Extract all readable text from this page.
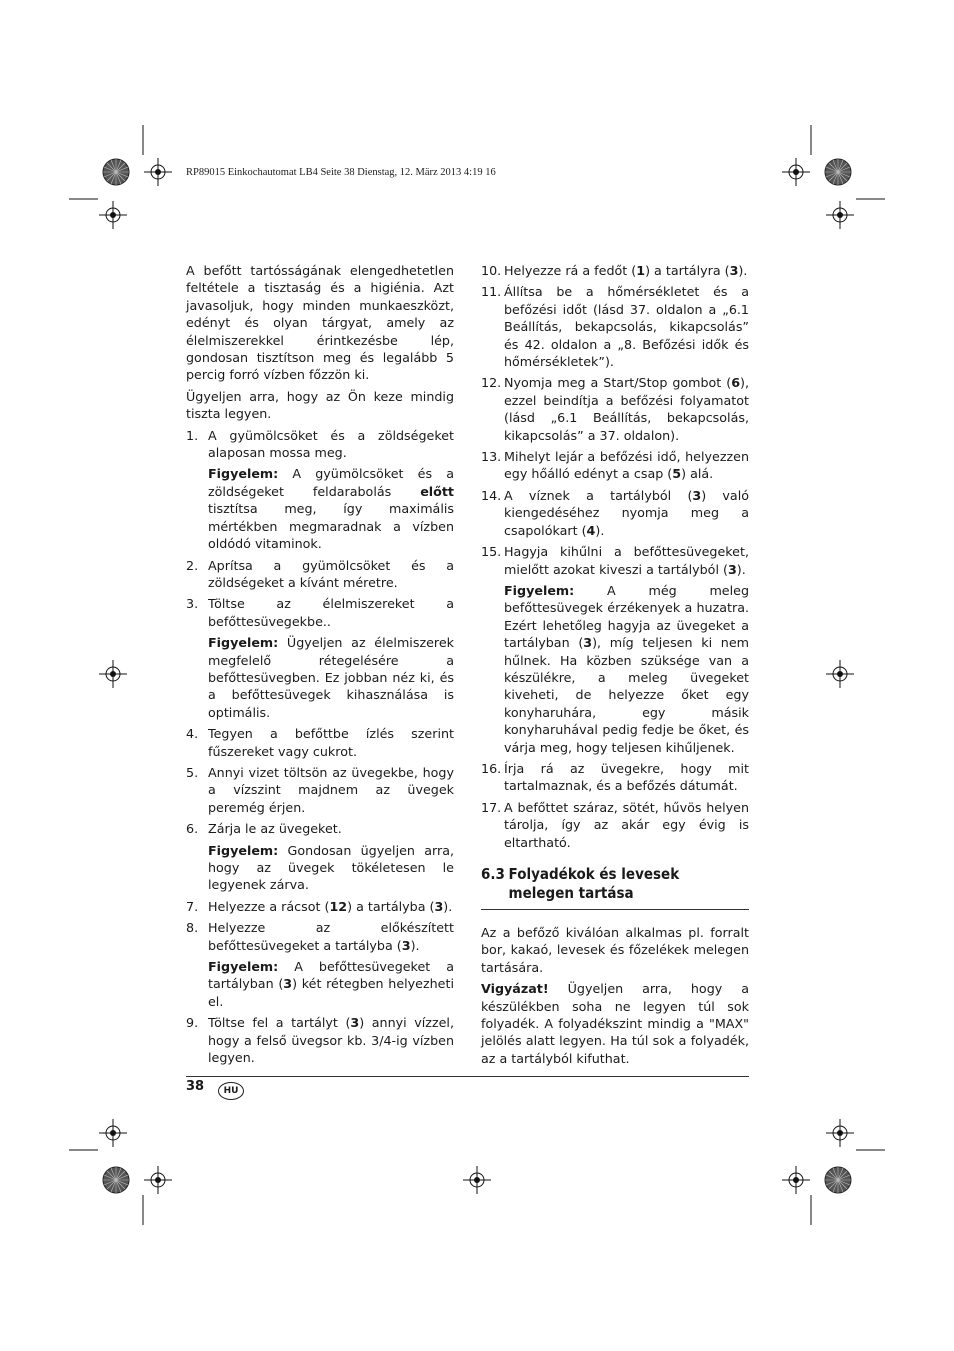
RP89015 Einkochautomat LB4 Seite 38 Dienstag, 12. März 2013 4:19 16

A befőtt tartósságának elengedhetetlen feltétele a tisztaság és a higiénia. Azt javasoljuk, hogy minden munkaeszközt, edényt és olyan tárgyat, amely az élelmiszerekkel érintkezésbe lép, gondosan tisztítson meg és legalább 5 percig forró vízben főzzön ki.

Ügyeljen arra, hogy az Ön keze mindig tiszta legyen.

1. A gyümölcsöket és a zöldségeket alaposan mossa meg.

Figyelem: A gyümölcsöket és a zöldségeket feldarabolás előtt tisztítsa meg, így maximális mértékben megmaradnak a vízben oldódó vitaminok.

2. Aprítsa a gyümölcsöket és a zöldségeket a kívánt méretre.
3. Töltse az élelmiszereket a befőttesüvegekbe..

Figyelem: Ügyeljen az élelmiszerek megfelelő rétegelésére a befőttesüvegben. Ez jobban néz ki, és a befőttesüvegek kihasználása is optimális.

4. Tegyen a befőttbe ízlés szerint fűszereket vagy cukrot.
5. Annyi vizet töltsön az üvegekbe, hogy a vízszint majdnem az üvegek peremég érjen.
6. Zárja le az üvegeket.

Figyelem: Gondosan ügyeljen arra, hogy az üvegek tökéletesen le legyenek zárva.

7. Helyezze a rácsot (12) a tartályba (3).
8. Helyezze az előkészített befőttesüvegeket a tartályba (3).

Figyelem: A befőttesüvegeket a tartályban (3) két rétegben helyezheti el.

9. Töltse fel a tartályt (3) annyi vízzel, hogy a felső üvegsor kb. 3/4-ig vízben legyen.
10. Helyezze rá a fedőt (1) a tartályra (3).
11. Állítsa be a hőmérsékletet és a befőzési időt (lásd 37. oldalon a „6.1 Beállítás, bekapcsolás, kikapcsolás” és 42. oldalon a „8. Befőzési idők és hőmérsékletek”).
12. Nyomja meg a Start/Stop gombot (6), ezzel beindítja a befőzési folyamatot (lásd „6.1 Beállítás, bekapcsolás, kikapcsolás” a 37. oldalon).
13. Mihelyt lejár a befőzési idő, helyezzen egy hőálló edényt a csap (5) alá.
14. A víznek a tartályból (3) való kiengedéséhez nyomja meg a csapolókart (4).
15. Hagyja kihűlni a befőttesüvegeket, mielőtt azokat kiveszi a tartályból (3).

Figyelem: A még meleg befőttesüvegek érzékenyek a huzatra. Ezért lehetőleg hagyja az üvegeket a tartályban (3), míg teljesen ki nem hűlnek. Ha közben szüksége van a készülékre, a meleg üvegeket kiveheti, de helyezze őket egy konyharuhára, egy másik konyharuhával pedig fedje be őket, és várja meg, hogy teljesen kihűljenek.

16. Írja rá az üvegekre, hogy mit tartalmaznak, és a befőzés dátumát.
17. A befőttet száraz, sötét, hűvös helyen tárolja, így az akár egy évig is eltartható.
6.3 Folyadékok és levesek melegen tartása

Az a befőző kiválóan alkalmas pl. forralt bor, kakaó, levesek és főzelékek melegen tartására.

Vigyázat! Ügyeljen arra, hogy a készülékben soha ne legyen túl sok folyadék. A folyadékszint mindig a "MAX" jelölés alatt legyen. Ha túl sok a folyadék, az a tartályból kifuthat.

38	HU
